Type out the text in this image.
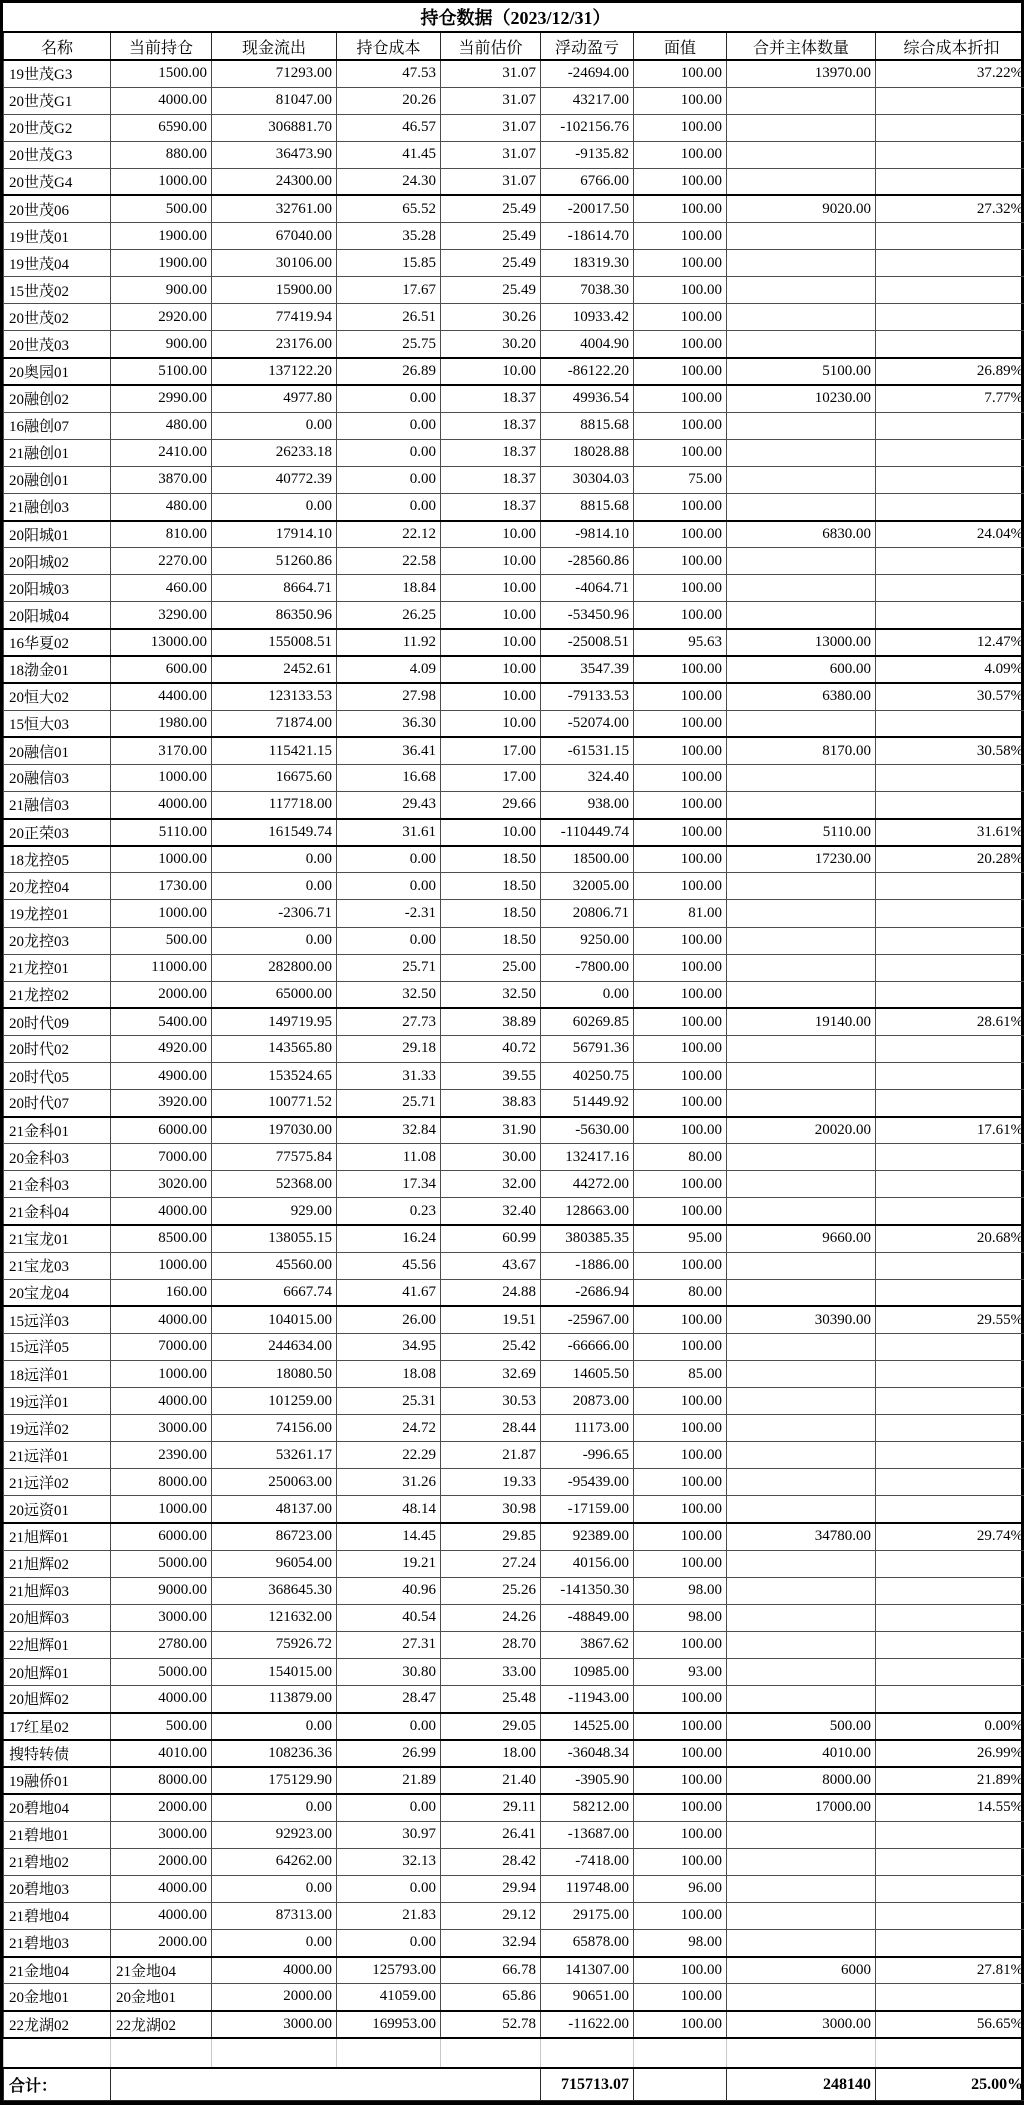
持仓数据（2023/12/31）								
名称	当前持仓	现金流出	持仓成本	当前估价	浮动盈亏	面值	合并主体数量	综合成本折扣
19世茂G3	1500.00	71293.00	47.53	31.07	-24694.00	100.00	13970.00	37.22%
20世茂G1	4000.00	81047.00	20.26	31.07	43217.00	100.00		
20世茂G2	6590.00	306881.70	46.57	31.07	-102156.76	100.00		
20世茂G3	880.00	36473.90	41.45	31.07	-9135.82	100.00		
20世茂G4	1000.00	24300.00	24.30	31.07	6766.00	100.00		
20世茂06	500.00	32761.00	65.52	25.49	-20017.50	100.00	9020.00	27.32%
19世茂01	1900.00	67040.00	35.28	25.49	-18614.70	100.00		
19世茂04	1900.00	30106.00	15.85	25.49	18319.30	100.00		
15世茂02	900.00	15900.00	17.67	25.49	7038.30	100.00		
20世茂02	2920.00	77419.94	26.51	30.26	10933.42	100.00		
20世茂03	900.00	23176.00	25.75	30.20	4004.90	100.00		
20奥园01	5100.00	137122.20	26.89	10.00	-86122.20	100.00	5100.00	26.89%
20融创02	2990.00	4977.80	0.00	18.37	49936.54	100.00	10230.00	7.77%
16融创07	480.00	0.00	0.00	18.37	8815.68	100.00		
21融创01	2410.00	26233.18	0.00	18.37	18028.88	100.00		
20融创01	3870.00	40772.39	0.00	18.37	30304.03	75.00		
21融创03	480.00	0.00	0.00	18.37	8815.68	100.00		
20阳城01	810.00	17914.10	22.12	10.00	-9814.10	100.00	6830.00	24.04%
20阳城02	2270.00	51260.86	22.58	10.00	-28560.86	100.00		
20阳城03	460.00	8664.71	18.84	10.00	-4064.71	100.00		
20阳城04	3290.00	86350.96	26.25	10.00	-53450.96	100.00		
16华夏02	13000.00	155008.51	11.92	10.00	-25008.51	95.63	13000.00	12.47%
18渤金01	600.00	2452.61	4.09	10.00	3547.39	100.00	600.00	4.09%
20恒大02	4400.00	123133.53	27.98	10.00	-79133.53	100.00	6380.00	30.57%
15恒大03	1980.00	71874.00	36.30	10.00	-52074.00	100.00		
20融信01	3170.00	115421.15	36.41	17.00	-61531.15	100.00	8170.00	30.58%
20融信03	1000.00	16675.60	16.68	17.00	324.40	100.00		
21融信03	4000.00	117718.00	29.43	29.66	938.00	100.00		
20正荣03	5110.00	161549.74	31.61	10.00	-110449.74	100.00	5110.00	31.61%
18龙控05	1000.00	0.00	0.00	18.50	18500.00	100.00	17230.00	20.28%
20龙控04	1730.00	0.00	0.00	18.50	32005.00	100.00		
19龙控01	1000.00	-2306.71	-2.31	18.50	20806.71	81.00		
20龙控03	500.00	0.00	0.00	18.50	9250.00	100.00		
21龙控01	11000.00	282800.00	25.71	25.00	-7800.00	100.00		
21龙控02	2000.00	65000.00	32.50	32.50	0.00	100.00		
20时代09	5400.00	149719.95	27.73	38.89	60269.85	100.00	19140.00	28.61%
20时代02	4920.00	143565.80	29.18	40.72	56791.36	100.00		
20时代05	4900.00	153524.65	31.33	39.55	40250.75	100.00		
20时代07	3920.00	100771.52	25.71	38.83	51449.92	100.00		
21金科01	6000.00	197030.00	32.84	31.90	-5630.00	100.00	20020.00	17.61%
20金科03	7000.00	77575.84	11.08	30.00	132417.16	80.00		
21金科03	3020.00	52368.00	17.34	32.00	44272.00	100.00		
21金科04	4000.00	929.00	0.23	32.40	128663.00	100.00		
21宝龙01	8500.00	138055.15	16.24	60.99	380385.35	95.00	9660.00	20.68%
21宝龙03	1000.00	45560.00	45.56	43.67	-1886.00	100.00		
20宝龙04	160.00	6667.74	41.67	24.88	-2686.94	80.00		
15远洋03	4000.00	104015.00	26.00	19.51	-25967.00	100.00	30390.00	29.55%
15远洋05	7000.00	244634.00	34.95	25.42	-66666.00	100.00		
18远洋01	1000.00	18080.50	18.08	32.69	14605.50	85.00		
19远洋01	4000.00	101259.00	25.31	30.53	20873.00	100.00		
19远洋02	3000.00	74156.00	24.72	28.44	11173.00	100.00		
21远洋01	2390.00	53261.17	22.29	21.87	-996.65	100.00		
21远洋02	8000.00	250063.00	31.26	19.33	-95439.00	100.00		
20远资01	1000.00	48137.00	48.14	30.98	-17159.00	100.00		
21旭辉01	6000.00	86723.00	14.45	29.85	92389.00	100.00	34780.00	29.74%
21旭辉02	5000.00	96054.00	19.21	27.24	40156.00	100.00		
21旭辉03	9000.00	368645.30	40.96	25.26	-141350.30	98.00		
20旭辉03	3000.00	121632.00	40.54	24.26	-48849.00	98.00		
22旭辉01	2780.00	75926.72	27.31	28.70	3867.62	100.00		
20旭辉01	5000.00	154015.00	30.80	33.00	10985.00	93.00		
20旭辉02	4000.00	113879.00	28.47	25.48	-11943.00	100.00		
17红星02	500.00	0.00	0.00	29.05	14525.00	100.00	500.00	0.00%
搜特转债	4010.00	108236.36	26.99	18.00	-36048.34	100.00	4010.00	26.99%
19融侨01	8000.00	175129.90	21.89	21.40	-3905.90	100.00	8000.00	21.89%
20碧地04	2000.00	0.00	0.00	29.11	58212.00	100.00	17000.00	14.55%
21碧地01	3000.00	92923.00	30.97	26.41	-13687.00	100.00		
21碧地02	2000.00	64262.00	32.13	28.42	-7418.00	100.00		
20碧地03	4000.00	0.00	0.00	29.94	119748.00	96.00		
21碧地04	4000.00	87313.00	21.83	29.12	29175.00	100.00		
21碧地03	2000.00	0.00	0.00	32.94	65878.00	98.00		
21金地04	21金地04	4000.00	125793.00	66.78	141307.00	100.00	6000	27.81%
20金地01	20金地01	2000.00	41059.00	65.86	90651.00	100.00		
22龙湖02	22龙湖02	3000.00	169953.00	52.78	-11622.00	100.00	3000.00	56.65%

合计：					715713.07		248140	25.00%
